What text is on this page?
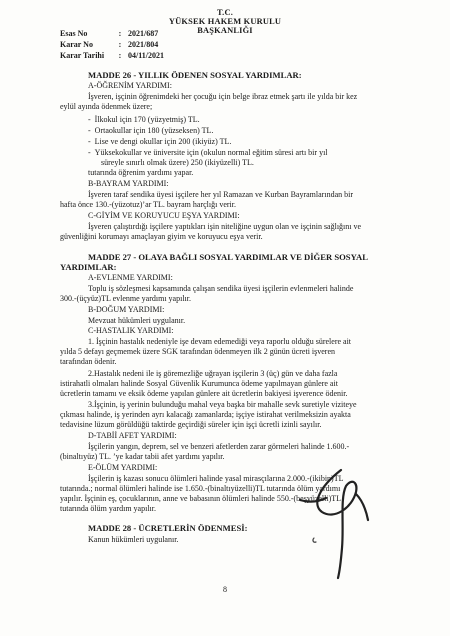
T.C.
YÜKSEK HAKEM KURULU
BAŞKANLIĞI
Esas No	: 2021/687
Karar No	: 2021/804
Karar Tarihi : 04/11/2021
MADDE 26 - YILLIK ÖDENEN SOSYAL YARDIMLAR:
A-ÖĞRENİM YARDIMI:
İşveren, işçinin öğrenimdeki her çocuğu için belge ibraz etmek şartı ile yılda bir kez
eylül ayında ödenmek üzere;
-  İlkokul için 170 (yüzyetmiş) TL.
-  Ortaokullar için 180 (yüzseksen) TL.
-  Lise ve dengi okullar için 200 (ikiyüz) TL.
-  Yüksekokullar ve üniversite için (okulun normal eğitim süresi artı bir yıl
süreyle sınırlı olmak üzere) 250 (ikiyüzelli) TL.
tutarında öğrenim yardımı yapar.
B-BAYRAM YARDIMI:
İşveren taraf sendika üyesi işçilere her yıl Ramazan ve Kurban Bayramlarından bir
hafta önce 130.-(yüzotuz)’ar TL. bayram harçlığı verir.
C-GİYİM VE KORUYUCU EŞYA YARDIMI:
İşveren çalıştırdığı işçilere yaptıkları işin niteliğine uygun olan ve işçinin sağlığını ve
güvenliğini korumayı amaçlayan giyim ve koruyucu eşya verir.
MADDE 27 - OLAYA BAĞLI SOSYAL YARDIMLAR VE DİĞER SOSYAL
YARDIMLAR:
A-EVLENME YARDIMI:
Toplu iş sözleşmesi kapsamında çalışan sendika üyesi işçilerin evlenmeleri halinde
300.-(üçyüz)TL evlenme yardımı yapılır.
B-DOĞUM YARDIMI:
Mevzuat hükümleri uygulanır.
C-HASTALIK YARDIMI:
1. İşçinin hastalık nedeniyle işe devam edemediği veya raporlu olduğu sürelere ait
yılda 5 defayı geçmemek üzere SGK tarafından ödenmeyen ilk 2 günün ücreti işveren
tarafından ödenir.
2.Hastalık nedeni ile iş göremezliğe uğrayan işçilerin 3 (üç) gün ve daha fazla
istirahatli olmaları halinde Sosyal Güvenlik Kurumunca ödeme yapılmayan günlere ait
ücretlerin tamamı ve eksik ödeme yapılan günlere ait ücretlerin bakiyesi işverence ödenir.
3.İşçinin, iş yerinin bulunduğu mahal veya başka bir mahalle sevk suretiyle viziteye
çıkması halinde, iş yerinden ayrı kalacağı zamanlarda; işçiye istirahat verilmeksizin ayakta
tedavisine lüzum görüldüğü taktirde geçirdiği süreler için işçi ücretli izinli sayılır.
D-TABİİ AFET YARDIMI:
İşçilerin yangın, deprem, sel ve benzeri afetlerden zarar görmeleri halinde 1.600.-
(binaltıyüz) TL. ’ye kadar tabii afet yardımı yapılır.
E-ÖLÜM YARDIMI:
İşçilerin iş kazası sonucu ölümleri halinde yasal mirasçılarına 2.000.-(ikibin)TL
tutarında.; normal ölümleri halinde ise 1.650.-(binaltıyüzelli)TL tutarında ölüm yardımı
yapılır. İşçinin eş, çocuklarının, anne ve babasının ölümleri halinde 550.-(beşyüzelli)TL
tutarında ölüm yardım yapılır.
MADDE 28 - ÜCRETLERİN ÖDENMESİ:
Kanun hükümleri uygulanır.
8
